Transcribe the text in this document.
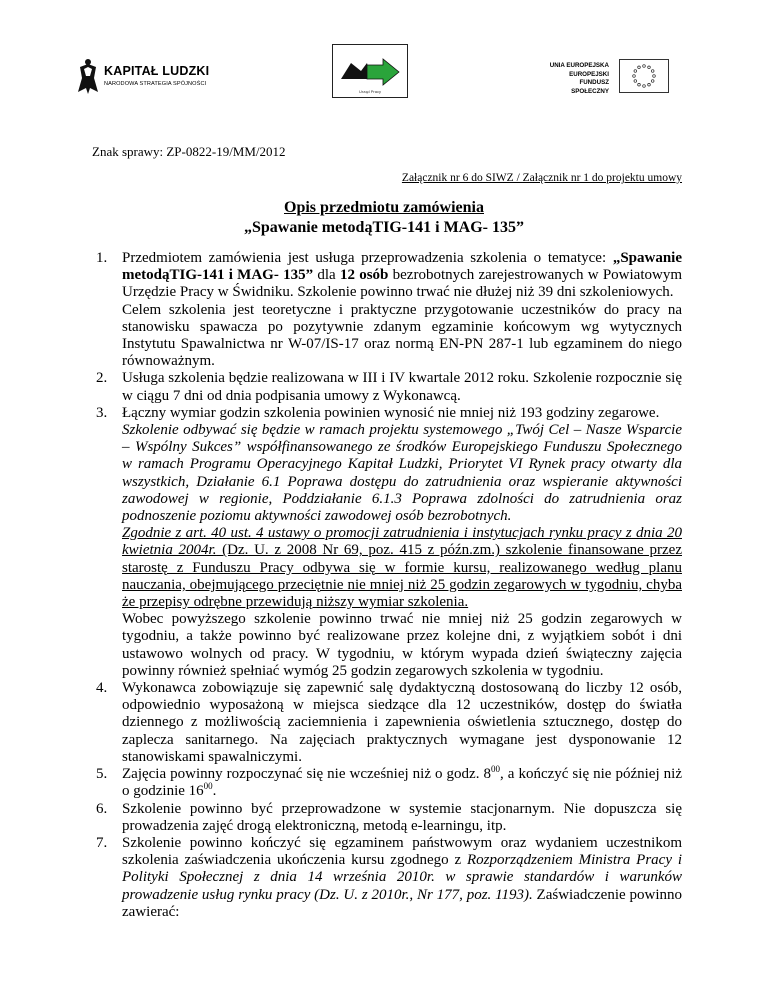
KAPITAŁ LUDZKI
NARODOWA STRATEGIA SPÓJNOŚCI
Urząd Pracy
UNIA EUROPEJSKA
EUROPEJSKI
FUNDUSZ SPOŁECZNY
Znak sprawy: ZP-0822-19/MM/2012
Załącznik nr 6 do SIWZ / Załącznik nr 1 do projektu umowy
Opis przedmiotu zamówienia
„Spawanie metodąTIG-141 i MAG- 135”
1. Przedmiotem zamówienia jest usługa przeprowadzenia szkolenia o tematyce: „Spawanie metodąTIG-141 i MAG- 135” dla 12 osób bezrobotnych zarejestrowanych w Powiatowym Urzędzie Pracy w Świdniku. Szkolenie powinno trwać nie dłużej niż 39 dni szkoleniowych.
Celem szkolenia jest teoretyczne i praktyczne przygotowanie uczestników do pracy na stanowisku spawacza po pozytywnie zdanym egzaminie końcowym wg wytycznych Instytutu Spawalnictwa nr W-07/IS-17 oraz normą EN-PN 287-1 lub egzaminem do niego równoważnym.
2. Usługa szkolenia będzie realizowana w III i IV kwartale 2012 roku. Szkolenie rozpocznie się w ciągu 7 dni od dnia podpisania umowy z Wykonawcą.
3. Łączny wymiar godzin szkolenia powinien wynosić nie mniej niż 193 godziny zegarowe.
Szkolenie odbywać się będzie w ramach projektu systemowego „Twój Cel – Nasze Wsparcie – Wspólny Sukces” współfinansowanego ze środków Europejskiego Funduszu Społecznego w ramach Programu Operacyjnego Kapitał Ludzki, Priorytet VI Rynek pracy otwarty dla wszystkich, Działanie 6.1 Poprawa dostępu do zatrudnienia oraz wspieranie aktywności zawodowej w regionie, Poddziałanie 6.1.3 Poprawa zdolności do zatrudnienia oraz podnoszenie poziomu aktywności zawodowej osób bezrobotnych.
Zgodnie z art. 40 ust. 4 ustawy o promocji zatrudnienia i instytucjach rynku pracy z dnia 20 kwietnia 2004r. (Dz. U. z 2008 Nr 69, poz. 415 z późn.zm.) szkolenie finansowane przez starostę z Funduszu Pracy odbywa się w formie kursu, realizowanego według planu nauczania, obejmującego przeciętnie nie mniej niż 25 godzin zegarowych w tygodniu, chyba że przepisy odrębne przewidują niższy wymiar szkolenia.
Wobec powyższego szkolenie powinno trwać nie mniej niż 25 godzin zegarowych w tygodniu, a także powinno być realizowane przez kolejne dni, z wyjątkiem sobót i dni ustawowo wolnych od pracy. W tygodniu, w którym wypada dzień świąteczny zajęcia powinny również spełniać wymóg 25 godzin zegarowych szkolenia w tygodniu.
4. Wykonawca zobowiązuje się zapewnić salę dydaktyczną dostosowaną do liczby 12 osób, odpowiednio wyposażoną w miejsca siedzące dla 12 uczestników, dostęp do światła dziennego z możliwością zaciemnienia i zapewnienia oświetlenia sztucznego, dostęp do zaplecza sanitarnego. Na zajęciach praktycznych wymagane jest dysponowanie 12 stanowiskami spawalniczymi.
5. Zajęcia powinny rozpoczynać się nie wcześniej niż o godz. $8^{00}$, a kończyć się nie później niż o godzinie $16^{00}$.
6. Szkolenie powinno być przeprowadzone w systemie stacjonarnym. Nie dopuszcza się prowadzenia zajęć drogą elektroniczną, metodą e-learningu, itp.
7. Szkolenie powinno kończyć się egzaminem państwowym oraz wydaniem uczestnikom szkolenia zaświadczenia ukończenia kursu zgodnego z Rozporządzeniem Ministra Pracy i Polityki Społecznej z dnia 14 września 2010r. w sprawie standardów i warunków prowadzenie usług rynku pracy (Dz. U. z 2010r., Nr 177, poz. 1193). Zaświadczenie powinno zawierać:
